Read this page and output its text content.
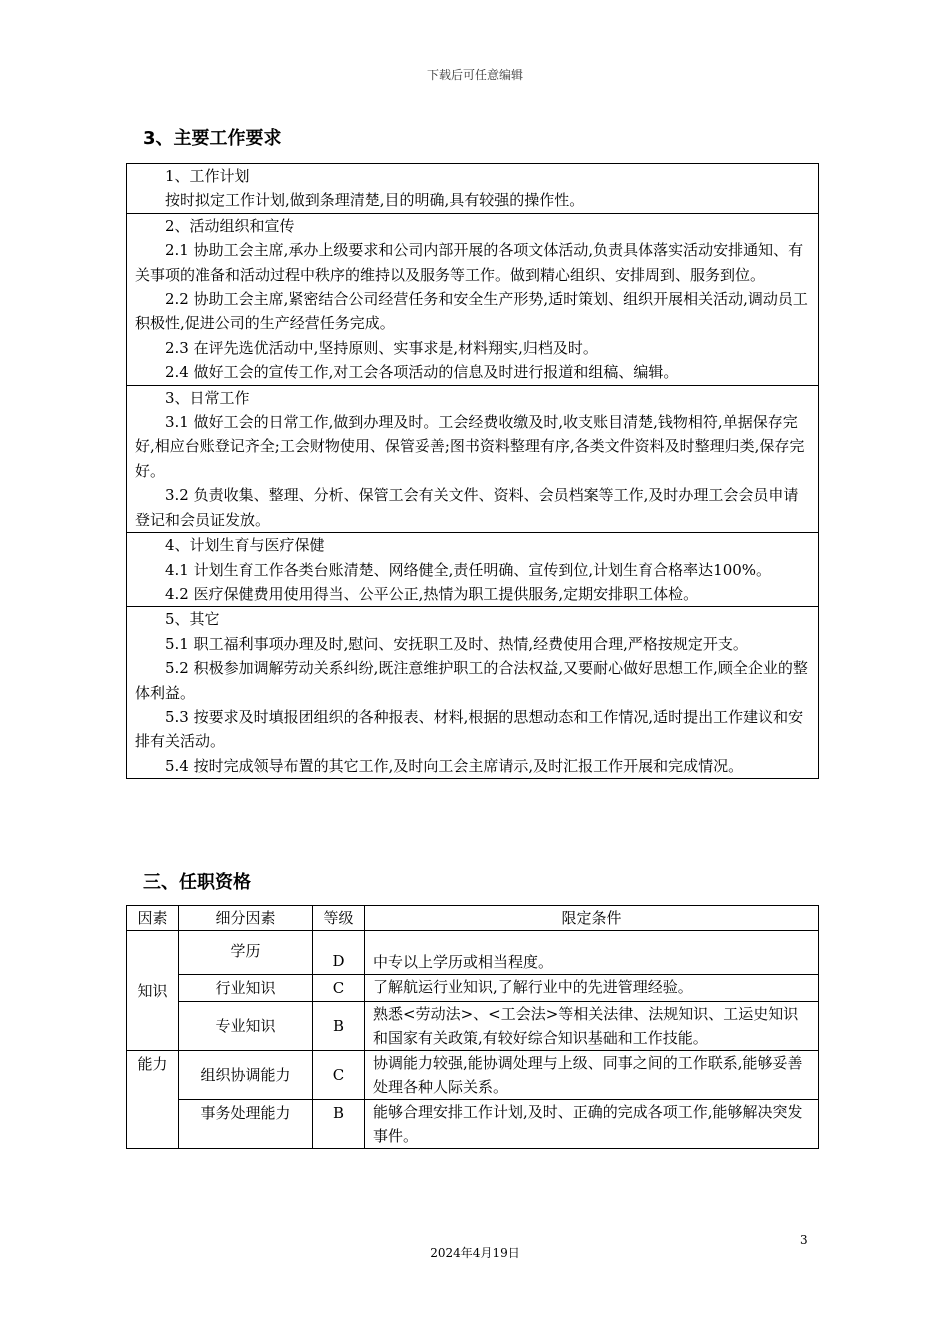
下载后可任意编辑
3、主要工作要求

1、工作计划

按时拟定工作计划,做到条理清楚,目的明确,具有较强的操作性。

2、活动组织和宣传

2.1 协助工会主席,承办上级要求和公司内部开展的各项文体活动,负责具体落实活动安排通知、有关事项的准备和活动过程中秩序的维持以及服务等工作。做到精心组织、安排周到、服务到位。

2.2 协助工会主席,紧密结合公司经营任务和安全生产形势,适时策划、组织开展相关活动,调动员工积极性,促进公司的生产经营任务完成。

2.3 在评先选优活动中,坚持原则、实事求是,材料翔实,归档及时。

2.4 做好工会的宣传工作,对工会各项活动的信息及时进行报道和组稿、编辑。

3、日常工作

3.1 做好工会的日常工作,做到办理及时。工会经费收缴及时,收支账目清楚,钱物相符,单据保存完好,相应台账登记齐全;工会财物使用、保管妥善;图书资料整理有序,各类文件资料及时整理归类,保存完好。

3.2 负责收集、整理、分析、保管工会有关文件、资料、会员档案等工作,及时办理工会会员申请登记和会员证发放。

4、计划生育与医疗保健

4.1 计划生育工作各类台账清楚、网络健全,责任明确、宣传到位,计划生育合格率达100%。

4.2 医疗保健费用使用得当、公平公正,热情为职工提供服务,定期安排职工体检。

5、其它

5.1 职工福利事项办理及时,慰问、安抚职工及时、热情,经费使用合理,严格按规定开支。

5.2 积极参加调解劳动关系纠纷,既注意维护职工的合法权益,又要耐心做好思想工作,顾全企业的整体利益。

5.3 按要求及时填报团组织的各种报表、材料,根据的思想动态和工作情况,适时提出工作建议和安排有关活动。

5.4 按时完成领导布置的其它工作,及时向工会主席请示,及时汇报工作开展和完成情况。

三、任职资格
因素	细分因素	等级	限定条件
知识	学历	D	中专以上学历或相当程度。
	行业知识	C	了解航运行业知识,了解行业中的先进管理经验。
	专业知识	B	熟悉<劳动法>、<工会法>等相关法律、法规知识、工运史知识和国家有关政策,有较好综合知识基础和工作技能。
能力	组织协调能力	C	协调能力较强,能协调处理与上级、同事之间的工作联系,能够妥善处理各种人际关系。
	事务处理能力	B	能够合理安排工作计划,及时、正确的完成各项工作,能够解决突发事件。
3
2024年4月19日
